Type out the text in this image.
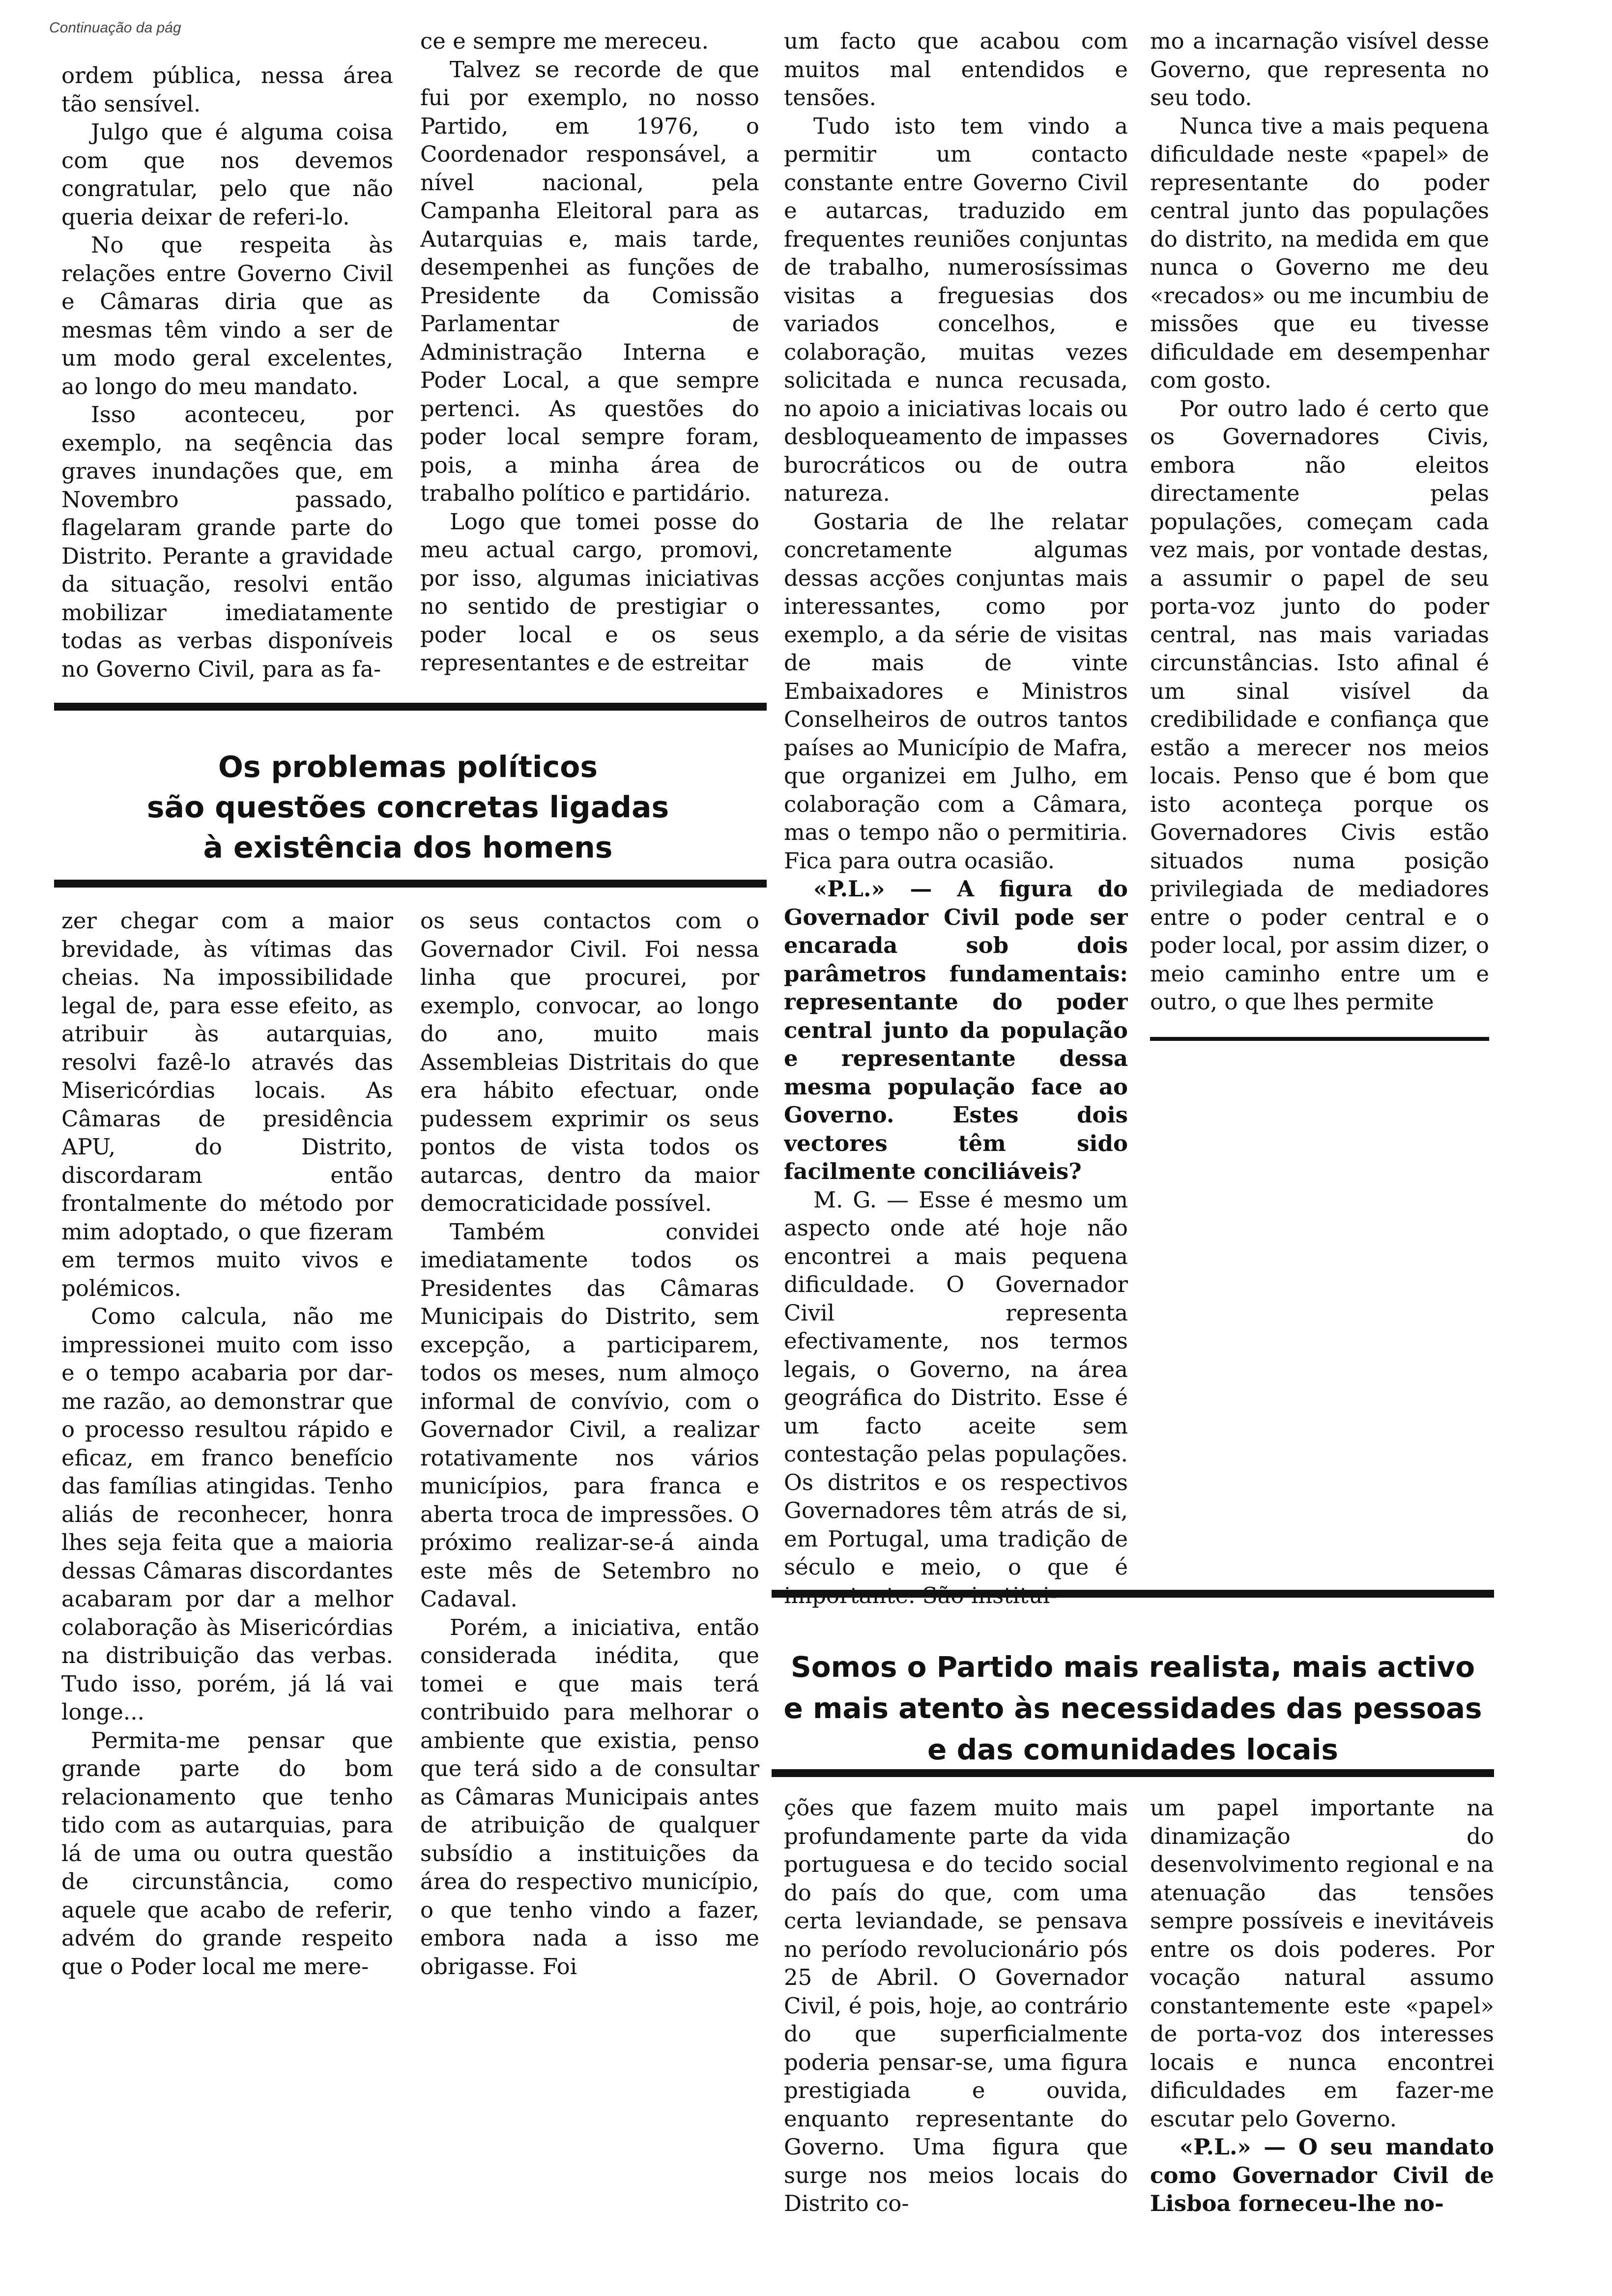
Continuação da pág

ordem pública, nessa área tão sensível.

Julgo que é alguma coisa com que nos devemos congratular, pelo que não queria deixar de referi-lo.

No que respeita às relações entre Governo Civil e Câmaras diria que as mesmas têm vindo a ser de um modo geral excelentes, ao longo do meu mandato.

Isso aconteceu, por exemplo, na seqência das graves inundações que, em Novembro passado, flagelaram grande parte do Distrito. Perante a gravidade da situação, resolvi então mobilizar imediatamente todas as verbas disponíveis no Governo Civil, para as fa-

ce e sempre me mereceu.

Talvez se recorde de que fui por exemplo, no nosso Partido, em 1976, o Coordenador responsável, a nível nacional, pela Campanha Eleitoral para as Autarquias e, mais tarde, desempenhei as funções de Presidente da Comissão Parlamentar de Administração Interna e Poder Local, a que sempre pertenci. As questões do poder local sempre foram, pois, a minha área de trabalho político e partidário.

Logo que tomei posse do meu actual cargo, promovi, por isso, algumas iniciativas no sentido de prestigiar o poder local e os seus representantes e de estreitar

um facto que acabou com muitos mal entendidos e tensões.

Tudo isto tem vindo a permitir um contacto constante entre Governo Civil e autarcas, traduzido em frequentes reuniões conjuntas de trabalho, numerosíssimas visitas a freguesias dos variados concelhos, e colaboração, muitas vezes solicitada e nunca recusada, no apoio a iniciativas locais ou desbloqueamento de impasses burocráticos ou de outra natureza.

Gostaria de lhe relatar concretamente algumas dessas acções conjuntas mais interessantes, como por exemplo, a da série de visitas de mais de vinte Embaixadores e Ministros Conselheiros de outros tantos países ao Município de Mafra, que organizei em Julho, em colaboração com a Câmara, mas o tempo não o permitiria. Fica para outra ocasião.

«P.L.» — A figura do Governador Civil pode ser encarada sob dois parâmetros fundamentais: representante do poder central junto da população e representante dessa mesma população face ao Governo. Estes dois vectores têm sido facilmente conciliáveis?

M. G. — Esse é mesmo um aspecto onde até hoje não encontrei a mais pequena dificuldade. O Governador Civil representa efectivamente, nos termos legais, o Governo, na área geográfica do Distrito. Esse é um facto aceite sem contestação pelas populações. Os distritos e os respectivos Governadores têm atrás de si, em Portugal, uma tradição de século e meio, o que é

mo a incarnação visível desse Governo, que representa no seu todo.

Nunca tive a mais pequena dificuldade neste «papel» de representante do poder central junto das populações do distrito, na medida em que nunca o Governo me deu «recados» ou me incumbiu de missões que eu tivesse dificuldade em desempenhar com gosto.

Por outro lado é certo que os Governadores Civis, embora não eleitos directamente pelas populações, começam cada vez mais, por vontade destas, a assumir o papel de seu porta-voz junto do poder central, nas mais variadas circunstâncias. Isto afinal é um sinal visível da credibilidade e confiança que estão a merecer nos meios locais. Penso que é bom que isto aconteça porque os Governadores Civis estão situados numa posição privilegiada de mediadores entre o poder central e o poder local, por assim dizer, o meio caminho entre um e outro, o que lhes permite

Os problemas políticos
são questões concretas ligadas
à existência dos homens

zer chegar com a maior brevidade, às vítimas das cheias. Na impossibilidade legal de, para esse efeito, as atribuir às autarquias, resolvi fazê-lo através das Misericórdias locais. As Câmaras de presidência APU, do Distrito, discordaram então frontalmente do método por mim adoptado, o que fizeram em termos muito vivos e polémicos.

Como calcula, não me impressionei muito com isso e o tempo acabaria por dar-me razão, ao demonstrar que o processo resultou rápido e eficaz, em franco benefício das famílias atingidas. Tenho aliás de reconhecer, honra lhes seja feita que a maioria dessas Câmaras discordantes acabaram por dar a melhor colaboração às Misericórdias na distribuição das verbas. Tudo isso, porém, já lá vai longe...

Permita-me pensar que grande parte do bom relacionamento que tenho tido com as autarquias, para lá de uma ou outra questão de circunstância, como aquele que acabo de referir, advém do grande respeito que o Poder local me mere-

os seus contactos com o Governador Civil. Foi nessa linha que procurei, por exemplo, convocar, ao longo do ano, muito mais Assembleias Distritais do que era hábito efectuar, onde pudessem exprimir os seus pontos de vista todos os autarcas, dentro da maior democraticidade possível.

Também convidei imediatamente todos os Presidentes das Câmaras Municipais do Distrito, sem excepção, a participarem, todos os meses, num almoço informal de convívio, com o Governador Civil, a realizar rotativamente nos vários municípios, para franca e aberta troca de impressões. O próximo realizar-se-á ainda este mês de Setembro no Cadaval.

Porém, a iniciativa, então considerada inédita, que tomei e que mais terá contribuido para melhorar o ambiente que existia, penso que terá sido a de consultar as Câmaras Municipais antes de atribuição de qualquer subsídio a instituições da área do respectivo município, o que tenho vindo a fazer, embora nada a isso me obrigasse. Foi

Somos o Partido mais realista, mais activo
e mais atento às necessidades das pessoas
e das comunidades locais

ções que fazem muito mais profundamente parte da vida portuguesa e do tecido social do país do que, com uma certa leviandade, se pensava no período revolucionário pós 25 de Abril. O Governador Civil, é pois, hoje, ao contrário do que superficialmente poderia pensar-se, uma figura prestigiada e ouvida, enquanto representante do Governo. Uma figura que surge nos meios locais do Distrito co-

um papel importante na dinamização do desenvolvimento regional e na atenuação das tensões sempre possíveis e inevitáveis entre os dois poderes. Por vocação natural assumo constantemente este «papel» de porta-voz dos interesses locais e nunca encontrei dificuldades em fazer-me escutar pelo Governo.

«P.L.» — O seu mandato como Governador Civil de Lisboa forneceu-lhe no-
